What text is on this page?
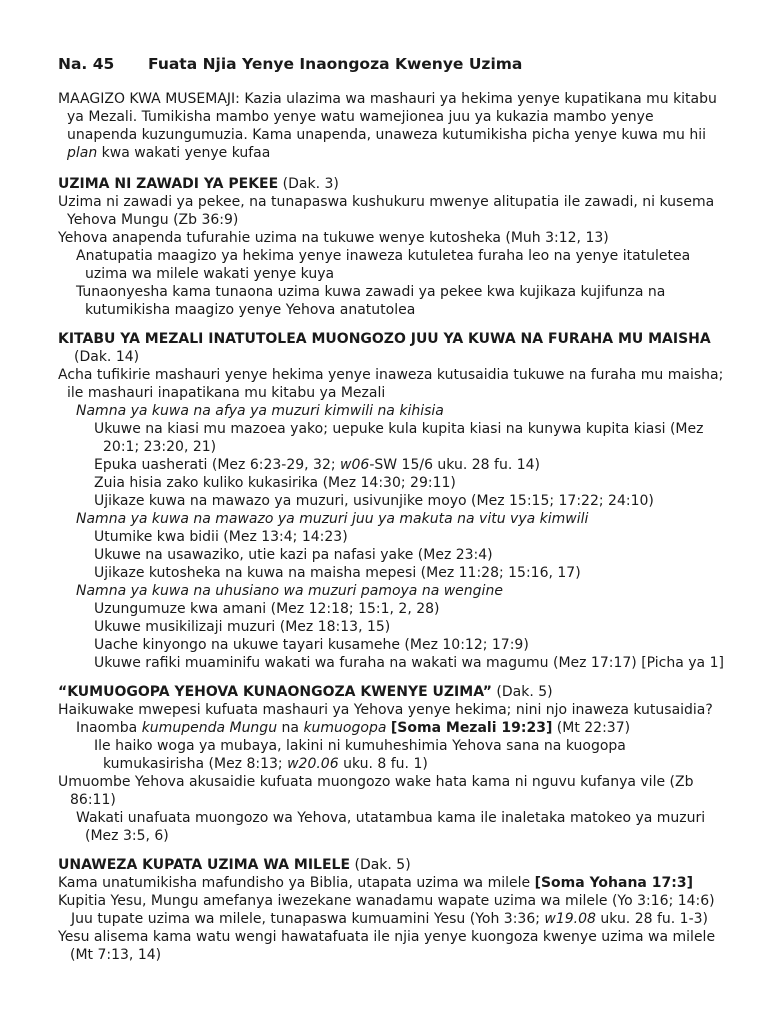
Na. 45	Fuata Njia Yenye Inaongoza Kwenye Uzima
MAAGIZO KWA MUSEMAJI: Kazia ulazima wa mashauri ya hekima yenye kupatikana mu kitabu ya Mezali. Tumikisha mambo yenye watu wamejionea juu ya kukazia mambo yenye unapenda kuzungumuzia. Kama unapenda, unaweza kutumikisha picha yenye kuwa mu hii plan kwa wakati yenye kufaa
UZIMA NI ZAWADI YA PEKEE (Dak. 3)
Uzima ni zawadi ya pekee, na tunapaswa kushukuru mwenye alitupatia ile zawadi, ni kusema Yehova Mungu (Zb 36:9)
Yehova anapenda tufurahie uzima na tukuwe wenye kutosheka (Muh 3:12, 13)
Anatupatia maagizo ya hekima yenye inaweza kutuletea furaha leo na yenye itatuletea uzima wa milele wakati yenye kuya
Tunaonyesha kama tunaona uzima kuwa zawadi ya pekee kwa kujikaza kujifunza na kutumikisha maagizo yenye Yehova anatutolea
KITABU YA MEZALI INATUTOLEA MUONGOZO JUU YA KUWA NA FURAHA MU MAISHA (Dak. 14)
Acha tufikirie mashauri yenye hekima yenye inaweza kutusaidia tukuwe na furaha mu maisha; ile mashauri inapatikana mu kitabu ya Mezali
Namna ya kuwa na afya ya muzuri kimwili na kihisia
Ukuwe na kiasi mu mazoea yako; uepuke kula kupita kiasi na kunywa kupita kiasi (Mez 20:1; 23:20, 21)
Epuka uasherati (Mez 6:23-29, 32; w06-SW 15/6 uku. 28 fu. 14)
Zuia hisia zako kuliko kukasirika (Mez 14:30; 29:11)
Ujikaze kuwa na mawazo ya muzuri, usivunjike moyo (Mez 15:15; 17:22; 24:10)
Namna ya kuwa na mawazo ya muzuri juu ya makuta na vitu vya kimwili
Utumike kwa bidii (Mez 13:4; 14:23)
Ukuwe na usawaziko, utie kazi pa nafasi yake (Mez 23:4)
Ujikaze kutosheka na kuwa na maisha mepesi (Mez 11:28; 15:16, 17)
Namna ya kuwa na uhusiano wa muzuri pamoya na wengine
Uzungumuze kwa amani (Mez 12:18; 15:1, 2, 28)
Ukuwe musikilizaji muzuri (Mez 18:13, 15)
Uache kinyongo na ukuwe tayari kusamehe (Mez 10:12; 17:9)
Ukuwe rafiki muaminifu wakati wa furaha na wakati wa magumu (Mez 17:17) [Picha ya 1]
“KUMUOGOPA YEHOVA KUNAONGOZA KWENYE UZIMA” (Dak. 5)
Haikuwake mwepesi kufuata mashauri ya Yehova yenye hekima; nini njo inaweza kutusaidia?
Inaomba kumupenda Mungu na kumuogopa [Soma Mezali 19:23] (Mt 22:37)
Ile haiko woga ya mubaya, lakini ni kumuheshimia Yehova sana na kuogopa kumukasirisha (Mez 8:13; w20.06 uku. 8 fu. 1)
Umuombe Yehova akusaidie kufuata muongozo wake hata kama ni nguvu kufanya vile (Zb 86:11)
Wakati unafuata muongozo wa Yehova, utatambua kama ile inaletaka matokeo ya muzuri (Mez 3:5, 6)
UNAWEZA KUPATA UZIMA WA MILELE (Dak. 5)
Kama unatumikisha mafundisho ya Biblia, utapata uzima wa milele [Soma Yohana 17:3]
Kupitia Yesu, Mungu amefanya iwezekane wanadamu wapate uzima wa milele (Yo 3:16; 14:6)
Juu tupate uzima wa milele, tunapaswa kumuamini Yesu (Yoh 3:36; w19.08 uku. 28 fu. 1-3)
Yesu alisema kama watu wengi hawatafuata ile njia yenye kuongoza kwenye uzima wa milele (Mt 7:13, 14)
